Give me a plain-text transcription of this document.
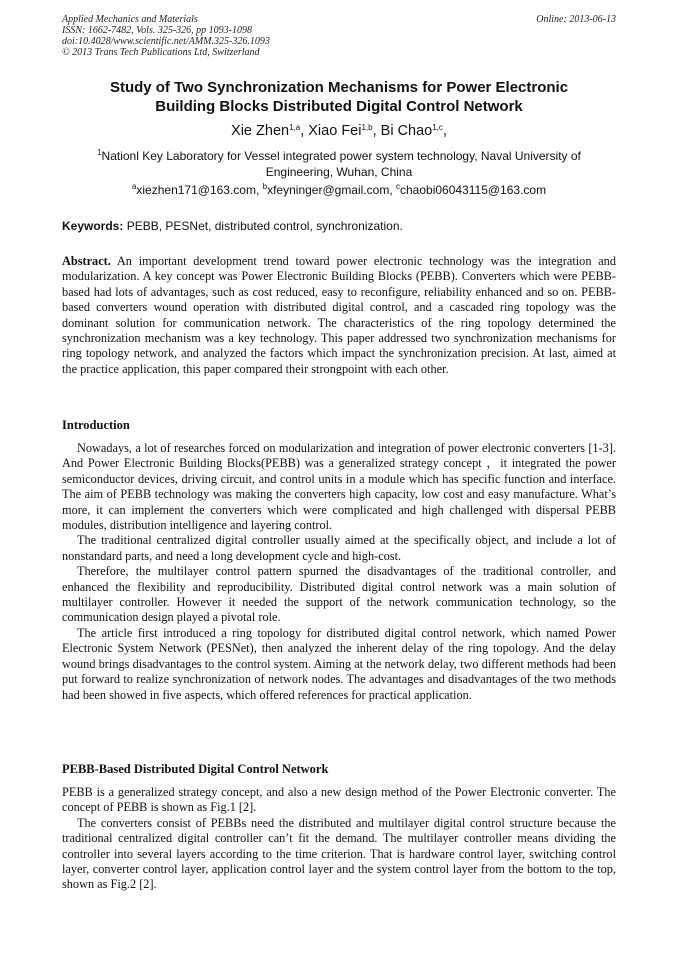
Applied Mechanics and Materials
ISSN: 1662-7482, Vols. 325-326, pp 1093-1098
doi:10.4028/www.scientific.net/AMM.325-326.1093
© 2013 Trans Tech Publications Ltd, Switzerland
Online: 2013-06-13
Study of Two Synchronization Mechanisms for Power Electronic
Building Blocks Distributed Digital Control Network
Xie Zhen$^{1,a}$, Xiao Fei$^{1,b}$, Bi Chao$^{1,c}$,
$^1$Nationl Key Laboratory for Vessel integrated power system technology, Naval University of Engineering, Wuhan, China
$^a$xiezhen171@163.com, $^b$xfeyninger@gmail.com, $^c$chaobi06043115@163.com
Keywords: PEBB, PESNet, distributed control, synchronization.
Abstract. An important development trend toward power electronic technology was the integration and modularization. A key concept was Power Electronic Building Blocks (PEBB). Converters which were PEBB-based had lots of advantages, such as cost reduced, easy to reconfigure, reliability enhanced and so on. PEBB-based converters wound operation with distributed digital control, and a cascaded ring topology was the dominant solution for communication network. The characteristics of the ring topology determined the synchronization mechanism was a key technology. This paper addressed two synchronization mechanisms for ring topology network, and analyzed the factors which impact the synchronization precision. At last, aimed at the practice application, this paper compared their strongpoint with each other.
Introduction
Nowadays, a lot of researches forced on modularization and integration of power electronic converters [1-3]. And Power Electronic Building Blocks(PEBB) was a generalized strategy concept ，it integrated the power semiconductor devices, driving circuit, and control units in a module which has specific function and interface. The aim of PEBB technology was making the converters high capacity, low cost and easy manufacture. What’s more, it can implement the converters which were complicated and high challenged with dispersal PEBB modules, distribution intelligence and layering control.
The traditional centralized digital controller usually aimed at the specifically object, and include a lot of nonstandard parts, and need a long development cycle and high-cost.
Therefore, the multilayer control pattern spurned the disadvantages of the traditional controller, and enhanced the flexibility and reproducibility. Distributed digital control network was a main solution of multilayer controller. However it needed the support of the network communication technology, so the communication design played a pivotal role.
The article first introduced a ring topology for distributed digital control network, which named Power Electronic System Network (PESNet), then analyzed the inherent delay of the ring topology. And the delay wound brings disadvantages to the control system. Aiming at the network delay, two different methods had been put forward to realize synchronization of network nodes. The advantages and disadvantages of the two methods had been showed in five aspects, which offered references for practical application.
PEBB-Based Distributed Digital Control Network
PEBB is a generalized strategy concept, and also a new design method of the Power Electronic converter. The concept of PEBB is shown as Fig.1 [2].
The converters consist of PEBBs need the distributed and multilayer digital control structure because the traditional centralized digital controller can’t fit the demand. The multilayer controller means dividing the controller into several layers according to the time criterion. That is hardware control layer, switching control layer, converter control layer, application control layer and the system control layer from the bottom to the top, shown as Fig.2 [2].
